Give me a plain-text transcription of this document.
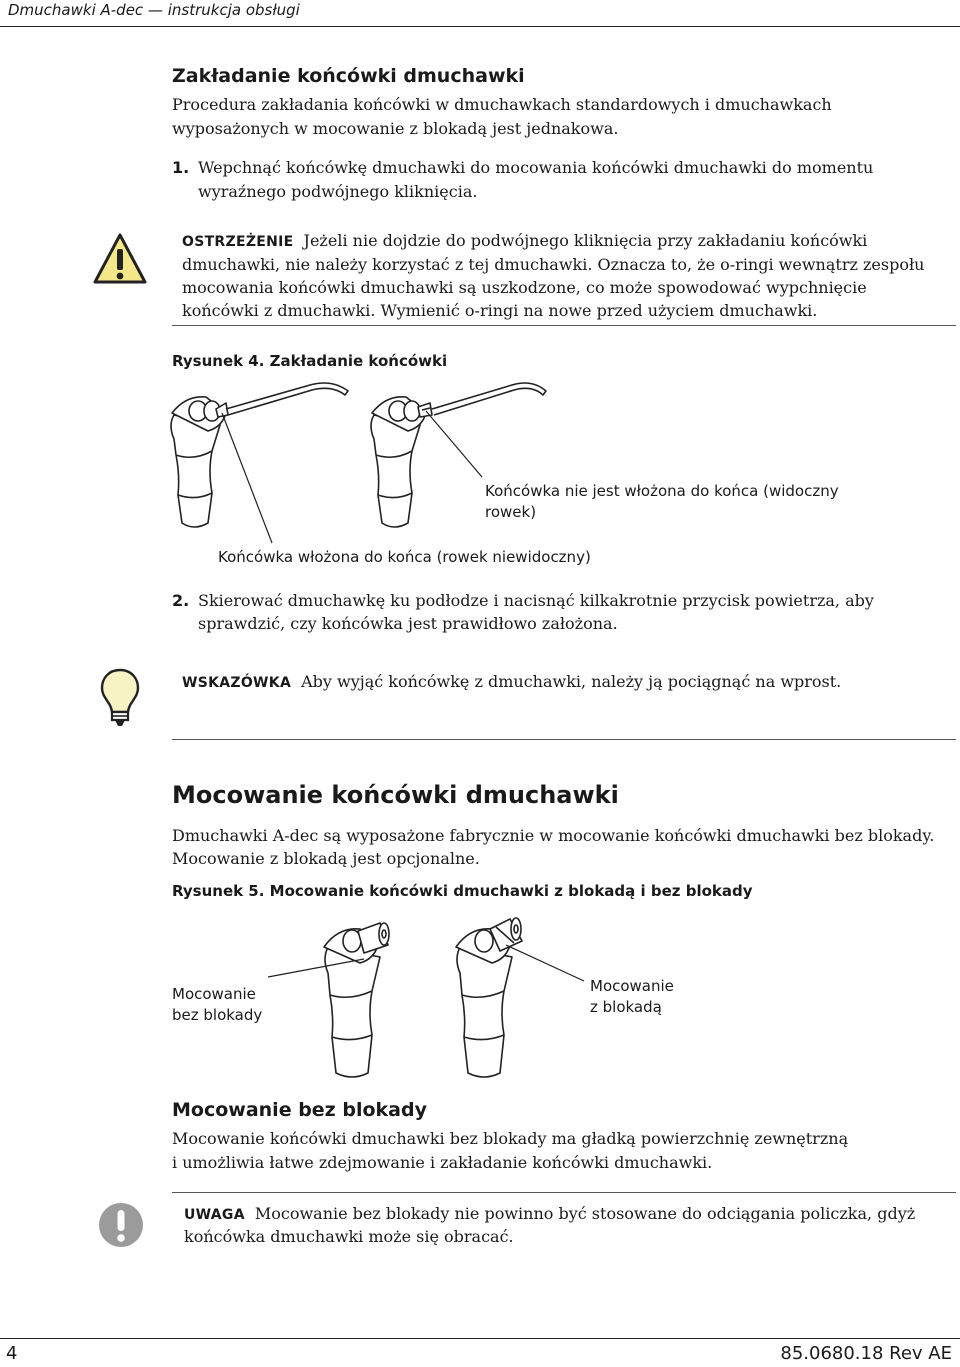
Dmuchawki A-dec — instrukcja obsługi
Zakładanie końcówki dmuchawki
Procedura zakładania końcówki w dmuchawkach standardowych i dmuchawkach
wyposażonych w mocowanie z blokadą jest jednakowa.
1. Wepchnąć końcówkę dmuchawki do mocowania końcówki dmuchawki do momentu
wyraźnego podwójnego kliknięcia.
OSTRZEŻENIE Jeżeli nie dojdzie do podwójnego kliknięcia przy zakładaniu końcówki
dmuchawki, nie należy korzystać z tej dmuchawki. Oznacza to, że o-ringi wewnątrz zespołu
mocowania końcówki dmuchawki są uszkodzone, co może spowodować wypchnięcie
końcówki z dmuchawki. Wymienić o-ringi na nowe przed użyciem dmuchawki.
Rysunek 4. Zakładanie końcówki
Końcówka nie jest włożona do końca (widoczny
rowek)
Końcówka włożona do końca (rowek niewidoczny)
2. Skierować dmuchawkę ku podłodze i nacisnąć kilkakrotnie przycisk powietrza, aby
sprawdzić, czy końcówka jest prawidłowo założona.
WSKAZÓWKA Aby wyjąć końcówkę z dmuchawki, należy ją pociągnąć na wprost.
Mocowanie końcówki dmuchawki
Dmuchawki A-dec są wyposażone fabrycznie w mocowanie końcówki dmuchawki bez blokady.
Mocowanie z blokadą jest opcjonalne.
Rysunek 5. Mocowanie końcówki dmuchawki z blokadą i bez blokady
Mocowanie
bez blokady
Mocowanie
z blokadą
Mocowanie bez blokady
Mocowanie końcówki dmuchawki bez blokady ma gładką powierzchnię zewnętrzną
i umożliwia łatwe zdejmowanie i zakładanie końcówki dmuchawki.
UWAGA Mocowanie bez blokady nie powinno być stosowane do odciągania policzka, gdyż
końcówka dmuchawki może się obracać.
4	85.0680.18 Rev AE
